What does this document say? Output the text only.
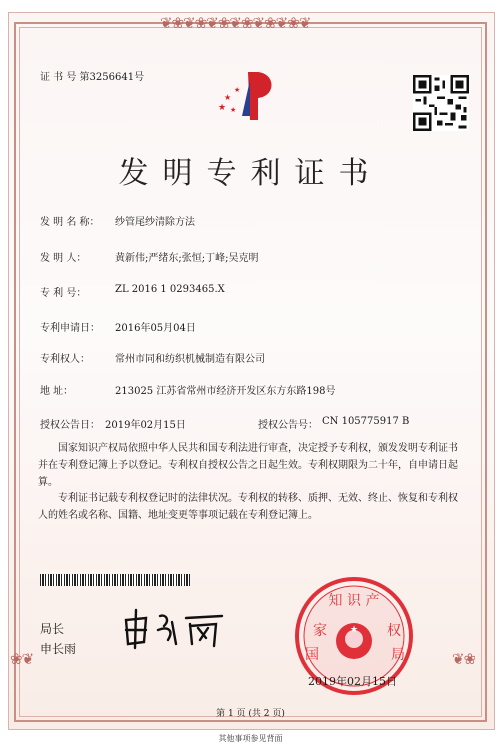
❦❀❦❀❦❀❦❀❦❀❦❀❦
❀❦	❦❀
证 书 号 第3256641号
★
★
★
★
发明专利证书
发 明 名 称： 纱管尾纱清除方法
发 明 人：	黄新伟;严绪东;张恒;丁峰;吴克明
专 利 号：	ZL 2016 1 0293465.X
专利申请日： 2016年05月04日
专利权人：	常州市同和纺织机械制造有限公司
地 址：	213025 江苏省常州市经济开发区东方东路198号
授权公告日： 2019年02月15日	授权公告号： CN 105775917 B
国家知识产权局依照中华人民共和国专利法进行审查，决定授予专利权，颁发发明专利证书并在专利登记簿上予以登记。专利权自授权公告之日起生效。专利权期限为二十年，自申请日起算。
专利证书记载专利权登记时的法律状况。专利权的转移、质押、无效、终止、恢复和专利权人的姓名或名称、国籍、地址变更等事项记载在专利登记簿上。
局长
申长雨
★
知 识 产
家
国
权
局
2019年02月15日
第 1 页 (共 2 页)
其他事项参见背面
